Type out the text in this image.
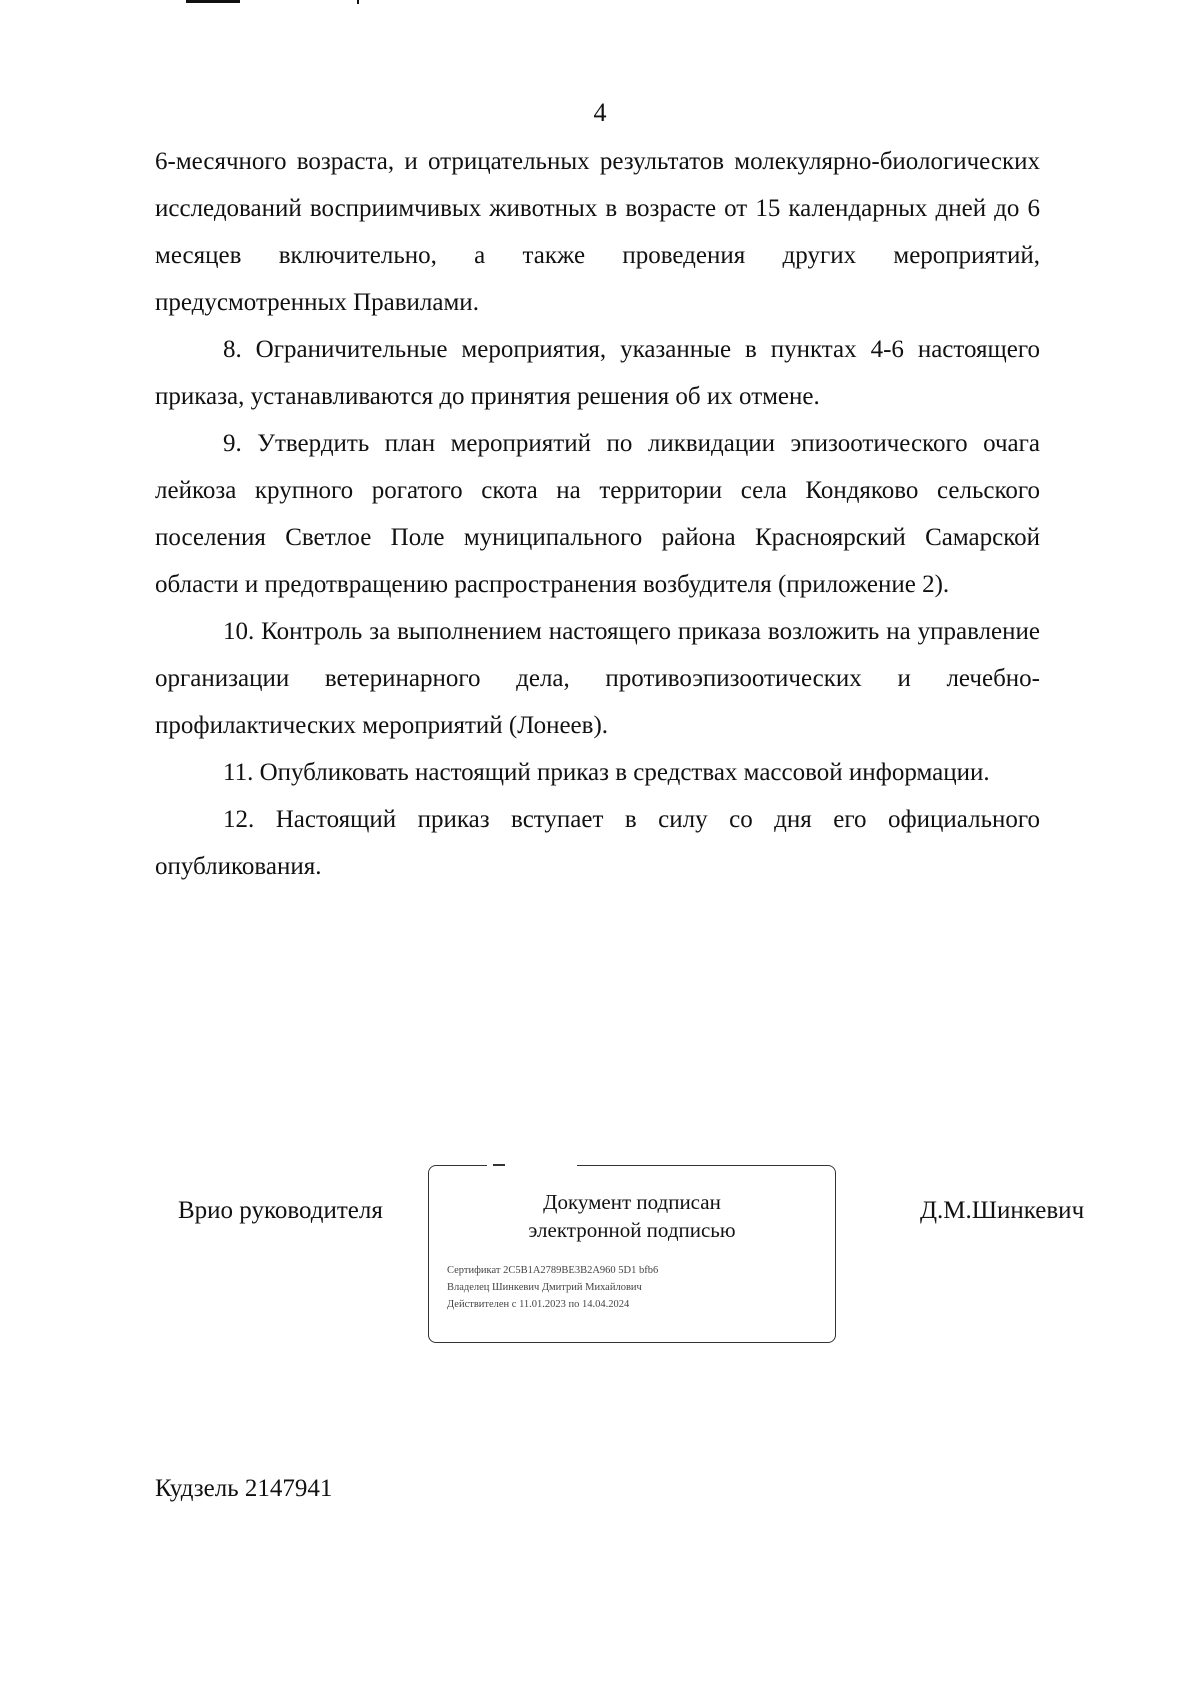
4

6-месячного возраста, и отрицательных результатов молекулярно-биологических исследований восприимчивых животных в возрасте от 15 календарных дней до 6 месяцев включительно, а также проведения других мероприятий, предусмотренных Правилами.

8. Ограничительные мероприятия, указанные в пунктах 4-6 настоящего приказа, устанавливаются до принятия решения об их отмене.

9. Утвердить план мероприятий по ликвидации эпизоотического очага лейкоза крупного рогатого скота на территории села Кондяково сельского поселения Светлое Поле муниципального района Красноярский Самарской области и предотвращению распространения возбудителя (приложение 2).

10. Контроль за выполнением настоящего приказа возложить на управление организации ветеринарного дела, противоэпизоотических и лечебно-профилактических мероприятий (Лонеев).

11. Опубликовать настоящий приказ в средствах массовой информации.

12. Настоящий приказ вступает в силу со дня его официального опубликования.

Врио руководителя	Документ подписан
электронной подписью
Сертификат 2C5B1A2789BE3B2A960 5D1 bfb6
Владелец Шинкевич Дмитрий Михайлович
Действителен с 11.01.2023 по 14.04.2024
Д.М.Шинкевич
Кудзель 2147941
